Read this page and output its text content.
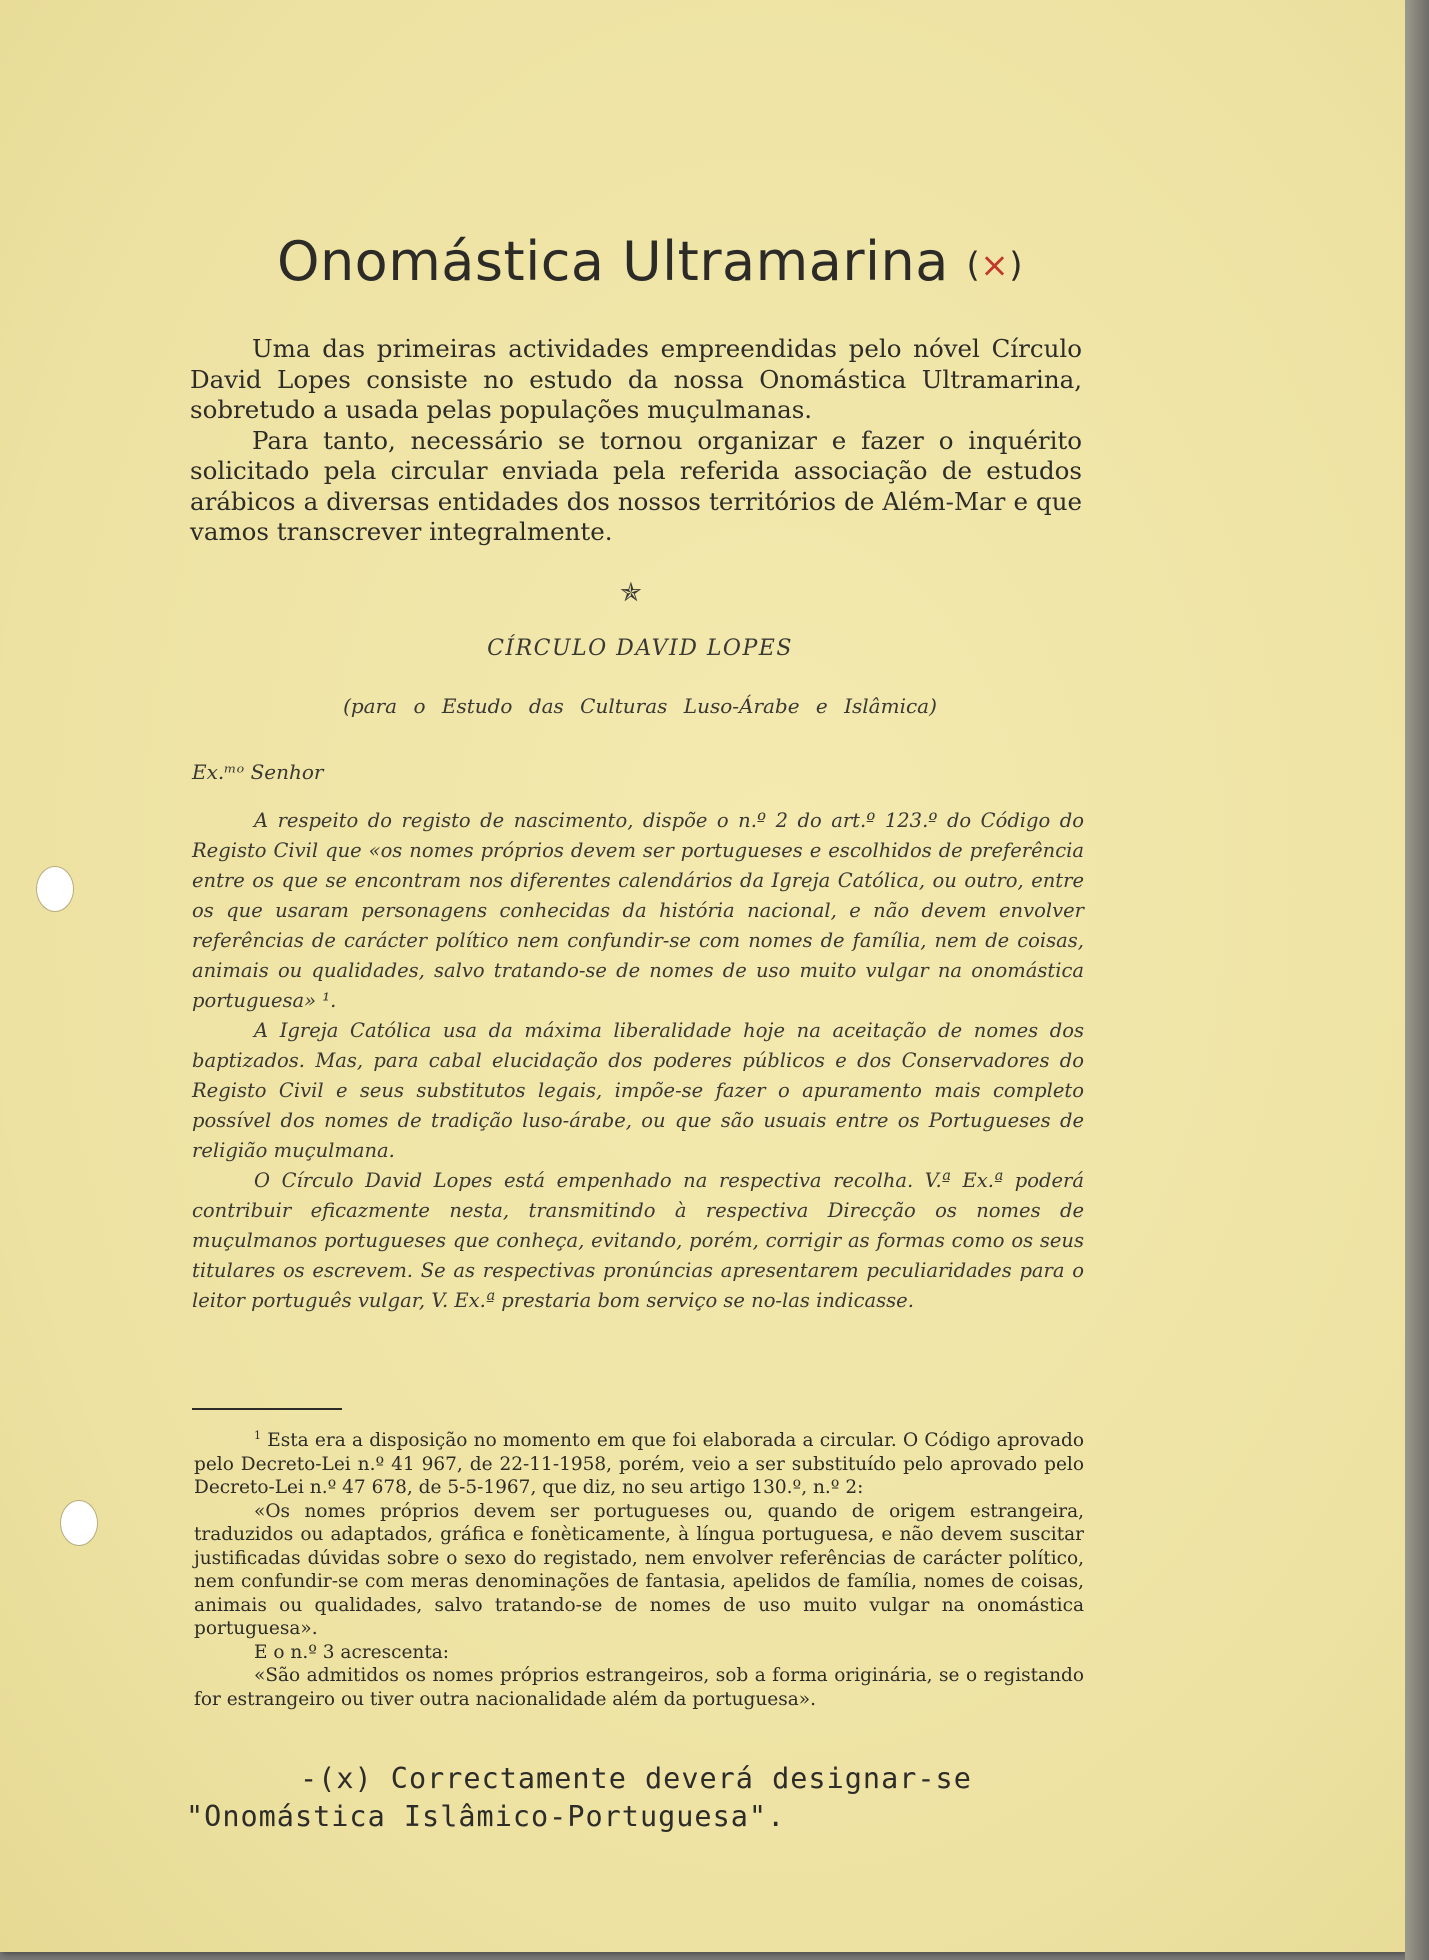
Onomástica Ultramarina (×)

Uma das primeiras actividades empreendidas pelo nóvel Círculo David Lopes consiste no estudo da nossa Onomástica Ultramarina, sobretudo a usada pelas populações muçulmanas.

Para tanto, necessário se tornou organizar e fazer o inquérito solicitado pela circular enviada pela referida associação de estudos arábicos a diversas entidades dos nossos territórios de Além-Mar e que vamos transcrever integralmente.

✯
CÍRCULO DAVID LOPES
(para o Estudo das Culturas Luso-Árabe e Islâmica)
Ex.ᵐᵒ Senhor

A respeito do registo de nascimento, dispõe o n.º 2 do art.º 123.º do Código do Registo Civil que «os nomes próprios devem ser portugueses e escolhidos de preferência entre os que se encontram nos diferentes calendários da Igreja Católica, ou outro, entre os que usaram personagens conhecidas da história nacional, e não devem envolver referências de carácter político nem confundir-se com nomes de família, nem de coisas, animais ou qualidades, salvo tratando-se de nomes de uso muito vulgar na onomástica portuguesa» ¹.

A Igreja Católica usa da máxima liberalidade hoje na aceitação de nomes dos baptizados. Mas, para cabal elucidação dos poderes públicos e dos Conservadores do Registo Civil e seus substitutos legais, impõe-se fazer o apuramento mais completo possível dos nomes de tradição luso-árabe, ou que são usuais entre os Portugueses de religião muçulmana.

O Círculo David Lopes está empenhado na respectiva recolha. V.ª Ex.ª poderá contribuir eficazmente nesta, transmitindo à respectiva Direcção os nomes de muçulmanos portugueses que conheça, evitando, porém, corrigir as formas como os seus titulares os escrevem. Se as respectivas pronúncias apresentarem peculiaridades para o leitor português vulgar, V. Ex.ª prestaria bom serviço se no-las indicasse.

$^1$ Esta era a disposição no momento em que foi elaborada a circular. O Código aprovado pelo Decreto-Lei n.º 41 967, de 22-11-1958, porém, veio a ser substituído pelo aprovado pelo Decreto-Lei n.º 47 678, de 5-5-1967, que diz, no seu artigo 130.º, n.º 2:

«Os nomes próprios devem ser portugueses ou, quando de origem estrangeira, traduzidos ou adaptados, gráfica e fonèticamente, à língua portuguesa, e não devem suscitar justificadas dúvidas sobre o sexo do registado, nem envolver referências de carácter político, nem confundir-se com meras denominações de fantasia, apelidos de família, nomes de coisas, animais ou qualidades, salvo tratando-se de nomes de uso muito vulgar na onomástica portuguesa».

E o n.º 3 acrescenta:

«São admitidos os nomes próprios estrangeiros, sob a forma originária, se o registando for estrangeiro ou tiver outra nacionalidade além da portuguesa».

-(x) Correctamente deverá designar-se
"Onomástica Islâmico-Portuguesa".
